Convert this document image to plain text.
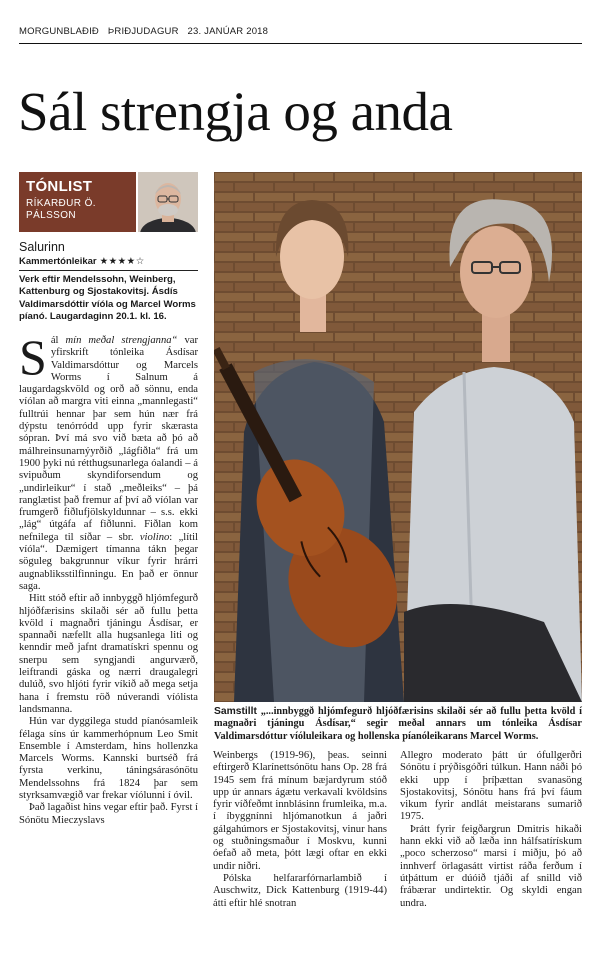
MORGUNBLAÐIÐ ÞRIÐJUDAGUR 23. JANÚAR 2018
Sál strengja og anda
TÓNLIST
RÍKARÐUR Ö.
PÁLSSON
Salurinn
Kammertónleikar ★★★★☆

Verk eftir Mendelssohn, Weinberg, Kattenburg og Sjostakovitsj. Ásdís Valdimarsdóttir víóla og Marcel Worms píanó. Laugardaginn 20.1. kl. 16.

Sál mín meðal strengjanna“ var yfirskrift tónleika Ásdísar Valdimarsdóttur og Marcels Worms í Salnum á laugardagskvöld og orð að sönnu, enda víólan að margra viti einna „mannlegasti“ fulltrúi hennar þar sem hún nær frá dýpstu tenórródd upp fyrir skærasta sópran. Því má svo við bæta að þó að málhreinsunarnýyrðið „lágfiðla“ frá um 1900 þyki nú rétthugsunarlega óalandi – á svipuðum skyndiforsendum og „undirleikur“ í stað „meðleiks“ – þá ranglætist það fremur af því að víólan var frumgerð fiðlufjölskyldunnar – s.s. ekki „lág“ útgáfa af fiðlunni. Fiðlan kom nefnilega til síðar – sbr. violino: „lítil víóla“. Dæmigert tímanna tákn þegar söguleg bakgrunnur víkur fyrir hrárri augnabliksstilfinningu. En það er önnur saga.

Hitt stóð eftir að innbyggð hljómfegurð hljóðfærisins skilaði sér að fullu þetta kvöld í magnaðri tjáningu Ásdísar, er spannaði næfellt alla hugsanlega liti og kenndir með jafnt dramatískri spennu og snerpu sem syngjandi angurværð, leiftrandi gáska og nærri draugalegri dulúð, svo hljóti fyrir víkið að mega setja hana í fremstu röð núverandi víólista landsmanna.

Hún var dyggilega studd píanósamleik félaga síns úr kammerhópnum Leo Smit Ensemble í Amsterdam, hins hollenzka Marcels Worms. Kannski burtséð frá fyrsta verkinu, táningsárasónötu Mendelssohns frá 1824 þar sem styrksamvægið var frekar víólunni í óvil.

Það lagaðist hins vegar eftir það. Fyrst í Sónötu Mieczyslavs

Samstillt „...innbyggð hljómfegurð hljóðfærisins skilaði sér að fullu þetta kvöld í magnaðri tjáningu Ásdísar,“ segir meðal annars um tónleika Ásdísar Valdimarsdóttur víóluleikara og hollenska píanóleikarans Marcel Worms.

Weinbergs (1919-96), þeas. seinni eftirgerð Klarínettsónötu hans Op. 28 frá 1945 sem frá mínum bæjardyrum stóð upp úr annars ágætu verkavali kvöldsins fyrir víðfeðmt innblásinn frumleika, m.a. í íbyggnínni hljómanotkun á jaðri gálgahúmors er Sjostakovitsj, vinur hans og stuðningsmaður í Moskvu, kunni óefað að meta, þótt lægi oftar en ekki undir niðri.

Pólska helfararfórnarlambið í Auschwitz, Dick Kattenburg (1919-44) átti eftir hlé snotran

Allegro moderato þátt úr ófullgerðri Sónötu í prýðisgóðri túlkun. Hann náði þó ekki upp í þríþættan svanasöng Sjostakovitsj, Sónötu hans frá því fáum vikum fyrir andlát meistarans sumarið 1975.

Þrátt fyrir feigðargrun Dmitris hikaði hann ekki við að læða inn hálfsatírískum „poco scherzoso“ marsi í miðju, þó að innhverf örlagasátt virtist ráða ferðum í útþáttum er dúóið tjáði af snilld við frábærar undirtektir. Og skyldi engan undra.
